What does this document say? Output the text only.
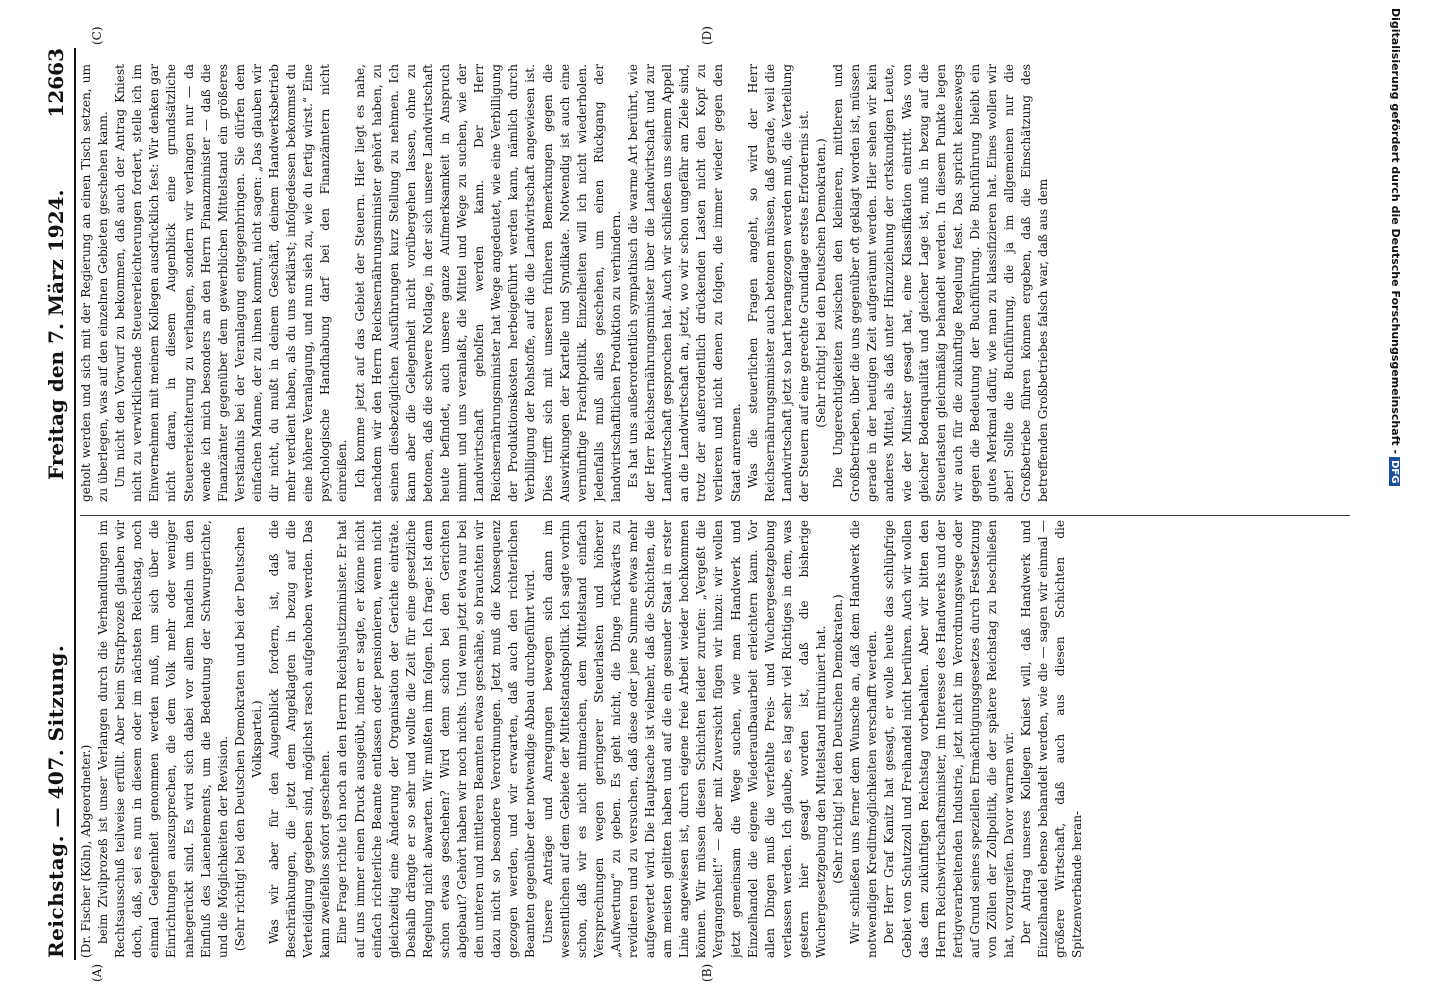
Reichstag. — 407. Sitzung.
Freitag den 7. März 1924.
12663
(A)	(B)
(C)	(D)

(Dr. Fischer (Köln), Abgeordneter.) beim Zivilprozeß ist unser Verlangen durch die Verhandlungen im Rechtsausschuß teilweise erfüllt. Aber beim Strafprozeß glauben wir doch, daß, sei es nun in diesem oder im nächsten Reichstag, noch einmal Gelegenheit genommen werden muß, um sich über die Einrichtungen auszusprechen, die dem Volk mehr oder weniger nahegerückt sind. Es wird sich dabei vor allem handeln um den Einfluß des Laienelements, um die Bedeutung der Schwurgerichte, und die Möglichkeiten der Revision. (Sehr richtig! bei den Deutschen Demokraten und bei der Deutschen Volkspartei.) Was wir aber für den Augenblick fordern, ist, daß die Beschränkungen, die jetzt dem Angeklagten in bezug auf die Verteidigung gegeben sind, möglichst rasch aufgehoben werden. Das kann zweifellos sofort geschehen. Eine Frage richte ich noch an den Herrn Reichsjustizminister. Er hat auf uns immer einen Druck ausgeübt, indem er sagte, er könne nicht einfach richterliche Beamte entlassen oder pensionieren, wenn nicht gleichzeitig eine Änderung der Organisation der Gerichte einträte. Deshalb drängte er so sehr und wollte die Zeit für eine gesetzliche Regelung nicht abwarten. Wir mußten ihm folgen. Ich frage: Ist denn schon etwas geschehen? Wird denn schon bei den Gerichten abgebaut? Gehört haben wir noch nichts. Und wenn jetzt etwa nur bei den unteren und mittleren Beamten etwas geschähe, so brauchten wir dazu nicht so besondere Verordnungen. Jetzt muß die Konsequenz gezogen werden, und wir erwarten, daß auch den richterlichen Beamten gegenüber der notwendige Abbau durchgeführt wird. Unsere Anträge und Anregungen bewegen sich dann im wesentlichen auf dem Gebiete der Mittelstandspolitik. Ich sagte vorhin schon, daß wir es nicht mitmachen, dem Mittelstand einfach Versprechungen wegen geringerer Steuerlasten und höherer „Aufwertung“ zu geben. Es geht nicht, die Dinge rückwärts zu revidieren und zu versuchen, daß diese oder jene Summe etwas mehr aufgewertet wird. Die Hauptsache ist vielmehr, daß die Schichten, die am meisten gelitten haben und auf die ein gesunder Staat in erster Linie angewiesen ist, durch eigene freie Arbeit wieder hochkommen können. Wir müssen diesen Schichten leider zurufen: „Vergeßt die Vergangenheit!“ — aber mit Zuversicht fügen wir hinzu: wir wollen jetzt gemeinsam die Wege suchen, wie man Handwerk und Einzelhandel die eigene Wiederaufbauarbeit erleichtern kann. Vor allen Dingen muß die verfehlte Preis- und Wuchergesetzgebung verlassen werden. Ich glaube, es lag sehr viel Richtiges in dem, was gestern hier gesagt worden ist, daß die bisherige Wuchergesetzgebung den Mittelstand mitruiniert hat. (Sehr richtig! bei den Deutschen Demokraten.) Wir schließen uns ferner dem Wunsche an, daß dem Handwerk die notwendigen Kreditmöglichkeiten verschafft werden. Der Herr Graf Kanitz hat gesagt, er wolle heute das schlüpfrige Gebiet von Schutzzoll und Freihandel nicht berühren. Auch wir wollen das dem zukünftigen Reichstag vorbehalten. Aber wir bitten den Herrn Reichswirtschaftsminister, im Interesse des Handwerks und der fertigverarbeitenden Industrie, jetzt nicht im Verordnungswege oder auf Grund seines speziellen Ermächtigungsgesetzes durch Festsetzung von Zöllen der Zollpolitik, die der spätere Reichstag zu beschließen hat, vorzugreifen. Davor warnen wir. Der Antrag unseres Kollegen Kniest will, daß Handwerk und Einzelhandel ebenso behandelt werden, wie die — sagen wir einmal — größere Wirtschaft, daß auch aus diesen Schichten die Spitzenverbände heran-

geholt werden und sich mit der Regierung an einen Tisch setzen, um zu überlegen, was auf den einzelnen Gebieten geschehen kann. Um nicht den Vorwurf zu bekommen, daß auch der Antrag Kniest nicht zu verwirklichende Steuererleichterungen fordert, stelle ich im Einvernehmen mit meinem Kollegen ausdrücklich fest: Wir denken gar nicht daran, in diesem Augenblick eine grundsätzliche Steuererleichterung zu verlangen, sondern wir verlangen nur — da wende ich mich besonders an den Herrn Finanzminister — daß die Finanzämter gegenüber dem gewerblichen Mittelstand ein größeres Verständnis bei der Veranlagung entgegenbringen. Sie dürfen dem einfachen Manne, der zu ihnen kommt, nicht sagen: „Das glauben wir dir nicht, du mußt in deinem Geschäft, deinem Handwerksbetrieb mehr verdient haben, als du uns erklärst; infolgedessen bekommst du eine höhere Veranlagung, und nun sieh zu, wie du fertig wirst.“ Eine psychologische Handhabung darf bei den Finanzämtern nicht einreißen. Ich komme jetzt auf das Gebiet der Steuern. Hier liegt es nahe, nachdem wir den Herrn Reichsernährungsminister gehört haben, zu seinen diesbezüglichen Ausführungen kurz Stellung zu nehmen. Ich kann aber die Gelegenheit nicht vorübergehen lassen, ohne zu betonen, daß die schwere Notlage, in der sich unsere Landwirtschaft heute befindet, auch unsere ganze Aufmerksamkeit in Anspruch nimmt und uns veranlaßt, die Mittel und Wege zu suchen, wie der Landwirtschaft geholfen werden kann. Der Herr Reichsernährungsminister hat Wege angedeutet, wie eine Verbilligung der Produktionskosten herbeigeführt werden kann, nämlich durch Verbilligung der Rohstoffe, auf die die Landwirtschaft angewiesen ist. Dies trifft sich mit unseren früheren Bemerkungen gegen die Auswirkungen der Kartelle und Syndikate. Notwendig ist auch eine vernünftige Frachtpolitik. Einzelheiten will ich nicht wiederholen. Jedenfalls muß alles geschehen, um einen Rückgang der landwirtschaftlichen Produktion zu verhindern. Es hat uns außerordentlich sympathisch die warme Art berührt, wie der Herr Reichsernährungsminister über die Landwirtschaft und zur Landwirtschaft gesprochen hat. Auch wir schließen uns seinem Appell an die Landwirtschaft an, jetzt, wo wir schon ungefähr am Ziele sind, trotz der außerordentlich drückenden Lasten nicht den Kopf zu verlieren und nicht denen zu folgen, die immer wieder gegen den Staat anrennen. Was die steuerlichen Fragen angeht, so wird der Herr Reichsernährungsminister auch betonen müssen, daß gerade, weil die Landwirtschaft jetzt so hart herangezogen werden muß, die Verteilung der Steuern auf eine gerechte Grundlage erstes Erfordernis ist. (Sehr richtig! bei den Deutschen Demokraten.) Die Ungerechtigkeiten zwischen den kleineren, mittleren und Großbetrieben, über die uns gegenüber oft geklagt worden ist, müssen gerade in der heutigen Zeit aufgeräumt werden. Hier sehen wir kein anderes Mittel, als daß unter Hinzuziehung der ortskundigen Leute, wie der Minister gesagt hat, eine Klassifikation eintritt. Was von gleicher Bodenqualität und gleicher Lage ist, muß in bezug auf die Steuerlasten gleichmäßig behandelt werden. In diesem Punkte legen wir auch für die zukünftige Regelung fest. Das spricht keineswegs gegen die Bedeutung der Buchführung. Die Buchführung bleibt ein gutes Merkmal dafür, wie man zu klassifizieren hat. Eines wollen wir aber! Sollte die Buchführung, die ja im allgemeinen nur die Großbetriebe führen können ergeben, daß die Einschätzung des betreffenden Großbetriebes falsch war, daß aus dem	Digitalisierung gefördert durch die Deutsche Forschungsgemeinschaft -DFG
